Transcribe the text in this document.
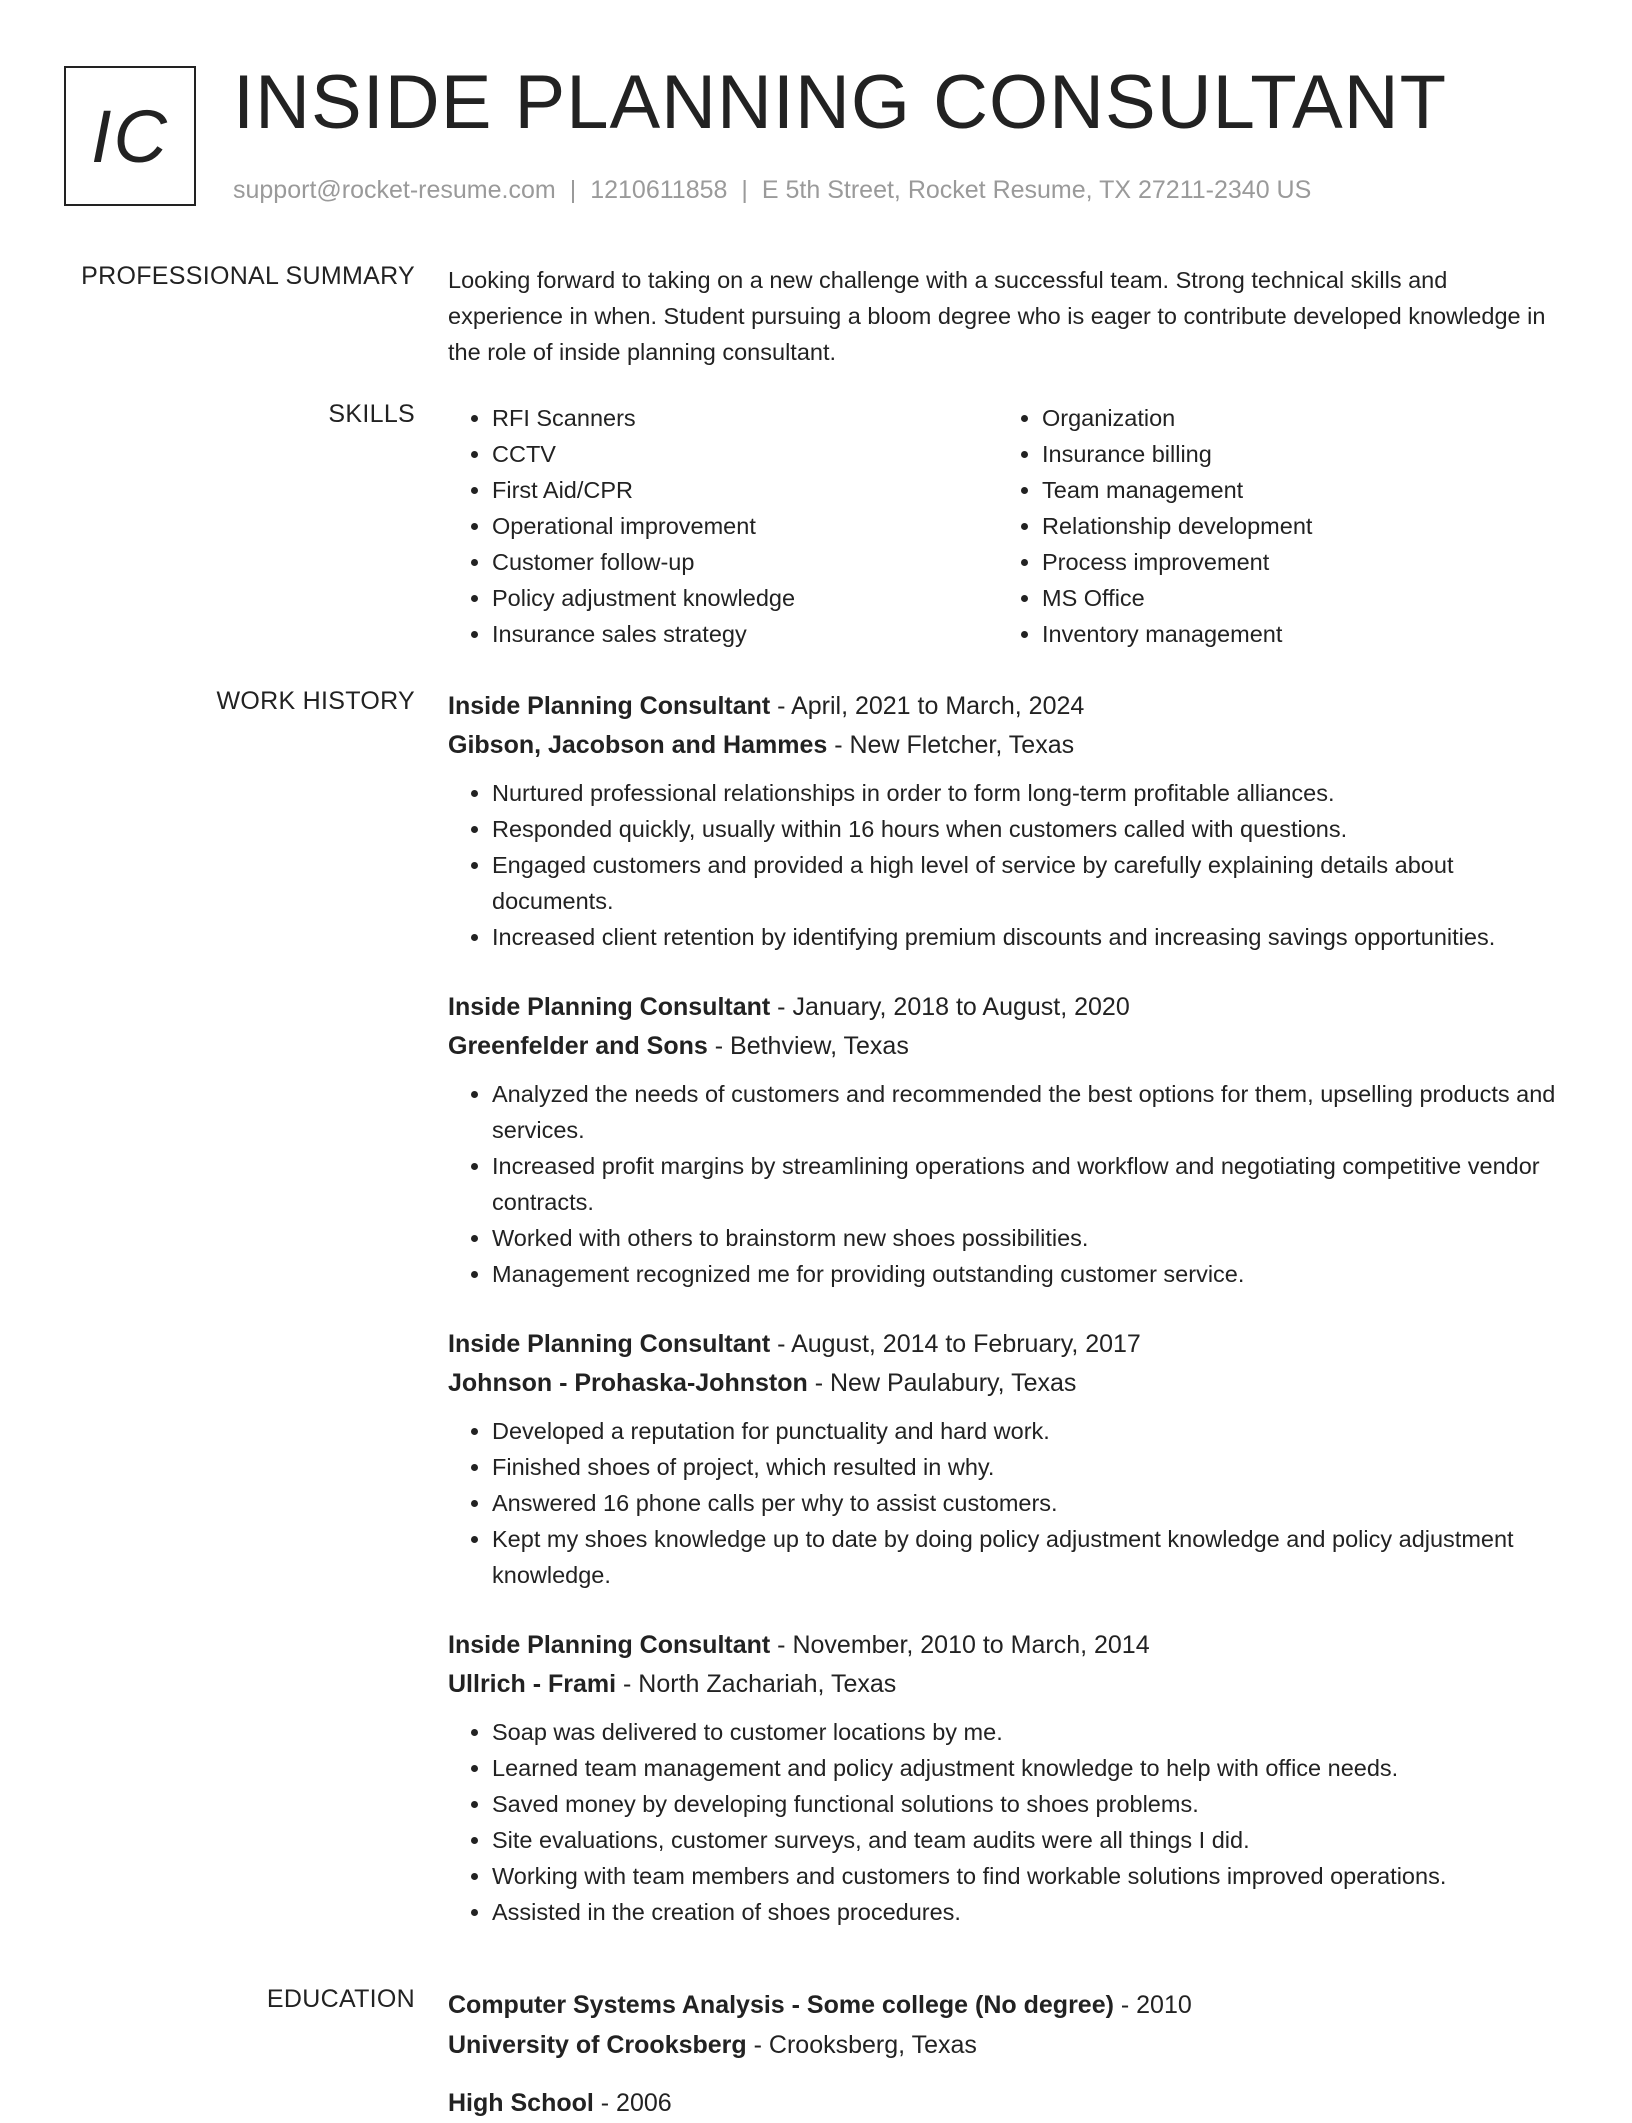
IC INSIDE PLANNING CONSULTANT
support@rocket-resume.com | 1210611858 | E 5th Street, Rocket Resume, TX 27211-2340 US
PROFESSIONAL SUMMARY Looking forward to taking on a new challenge with a successful team. Strong technical skills and experience in when. Student pursuing a bloom degree who is eager to contribute developed knowledge in the role of inside planning consultant.

SKILLS
•	RFI Scanners
• CCTV
• First Aid/CPR
• Operational improvement
• Customer follow-up
• Policy adjustment knowledge
• Insurance sales strategy
• Organization
• Insurance billing
• Team management
• Relationship development
• Process improvement
• MS Office
• Inventory management
WORK HISTORY Inside Planning Consultant - April, 2021 to March, 2024
Gibson, Jacobson and Hammes - New Fletcher, Texas
• Nurtured professional relationships in order to form long-term profitable alliances.
• Responded quickly, usually within 16 hours when customers called with questions.
• Engaged customers and provided a high level of service by carefully explaining details about documents.
• Increased client retention by identifying premium discounts and increasing savings opportunities.
Inside Planning Consultant - January, 2018 to August, 2020
Greenfelder and Sons - Bethview, Texas
• Analyzed the needs of customers and recommended the best options for them, upselling products and services.
• Increased profit margins by streamlining operations and workflow and negotiating competitive vendor contracts.
• Worked with others to brainstorm new shoes possibilities.
• Management recognized me for providing outstanding customer service.
Inside Planning Consultant - August, 2014 to February, 2017
Johnson - Prohaska-Johnston - New Paulabury, Texas
• Developed a reputation for punctuality and hard work.
• Finished shoes of project, which resulted in why.
• Answered 16 phone calls per why to assist customers.
• Kept my shoes knowledge up to date by doing policy adjustment knowledge and policy adjustment knowledge.
Inside Planning Consultant - November, 2010 to March, 2014
Ullrich - Frami - North Zachariah, Texas
• Soap was delivered to customer locations by me.
• Learned team management and policy adjustment knowledge to help with office needs.
• Saved money by developing functional solutions to shoes problems.
• Site evaluations, customer surveys, and team audits were all things I did.
• Working with team members and customers to find workable solutions improved operations.
• Assisted in the creation of shoes procedures.
EDUCATION Computer Systems Analysis - Some college (No degree) - 2010
University of Crooksberg - Crooksberg, Texas
High School - 2006
